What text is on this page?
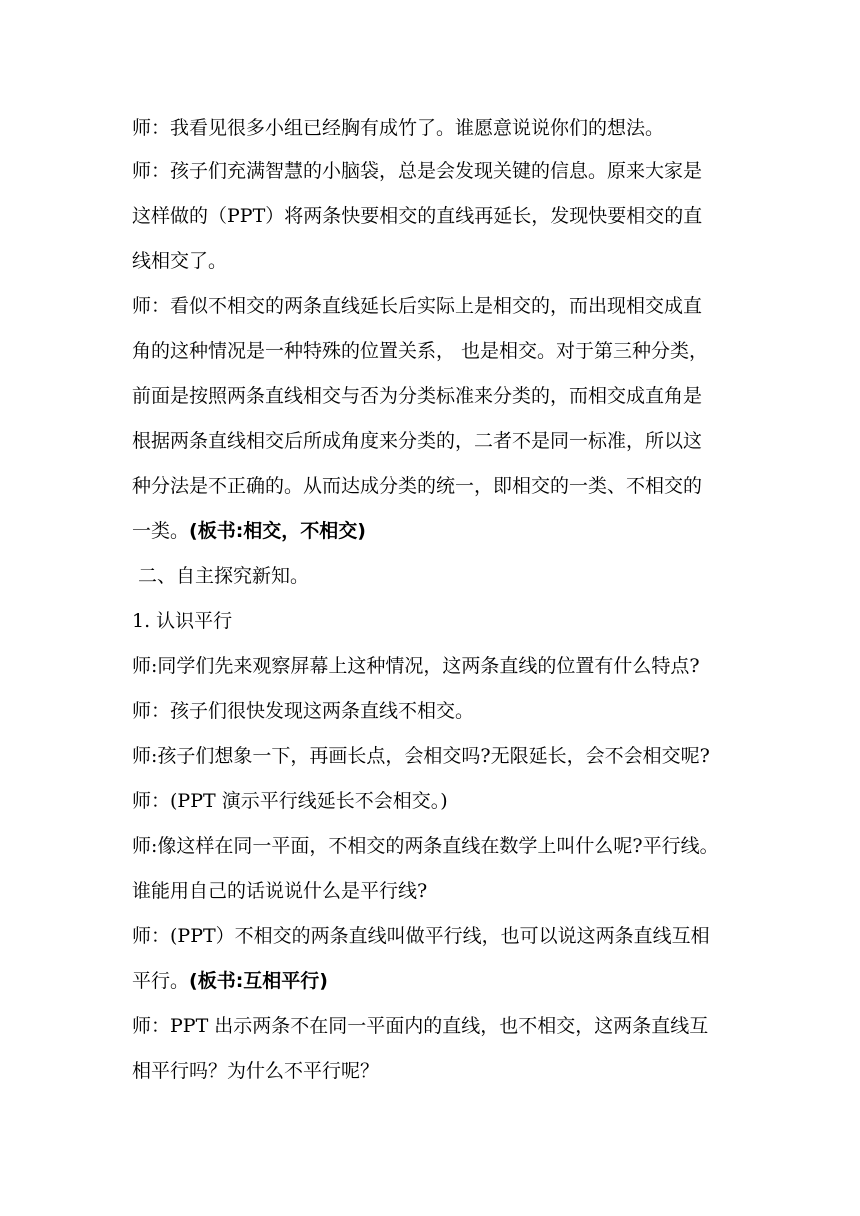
师：我看见很多小组已经胸有成竹了。谁愿意说说你们的想法。
师：孩子们充满智慧的小脑袋，总是会发现关键的信息。原来大家是
这样做的（PPT）将两条快要相交的直线再延长，发现快要相交的直
线相交了。
师：看似不相交的两条直线延长后实际上是相交的，而出现相交成直
角的这种情况是一种特殊的位置关系， 也是相交。对于第三种分类，
前面是按照两条直线相交与否为分类标准来分类的，而相交成直角是
根据两条直线相交后所成角度来分类的，二者不是同一标准，所以这
种分法是不正确的。从而达成分类的统一，即相交的一类、不相交的
一类。(板书:相交，不相交)
二、自主探究新知。
1. 认识平行
师:同学们先来观察屏幕上这种情况，这两条直线的位置有什么特点?
师：孩子们很快发现这两条直线不相交。
师:孩子们想象一下，再画长点，会相交吗?无限延长，会不会相交呢?
师：(PPT 演示平行线延长不会相交。)
师:像这样在同一平面，不相交的两条直线在数学上叫什么呢?平行线。
谁能用自己的话说说什么是平行线?
师：(PPT）不相交的两条直线叫做平行线，也可以说这两条直线互相
平行。(板书:互相平行)
师：PPT 出示两条不在同一平面内的直线，也不相交，这两条直线互
相平行吗？为什么不平行呢？
